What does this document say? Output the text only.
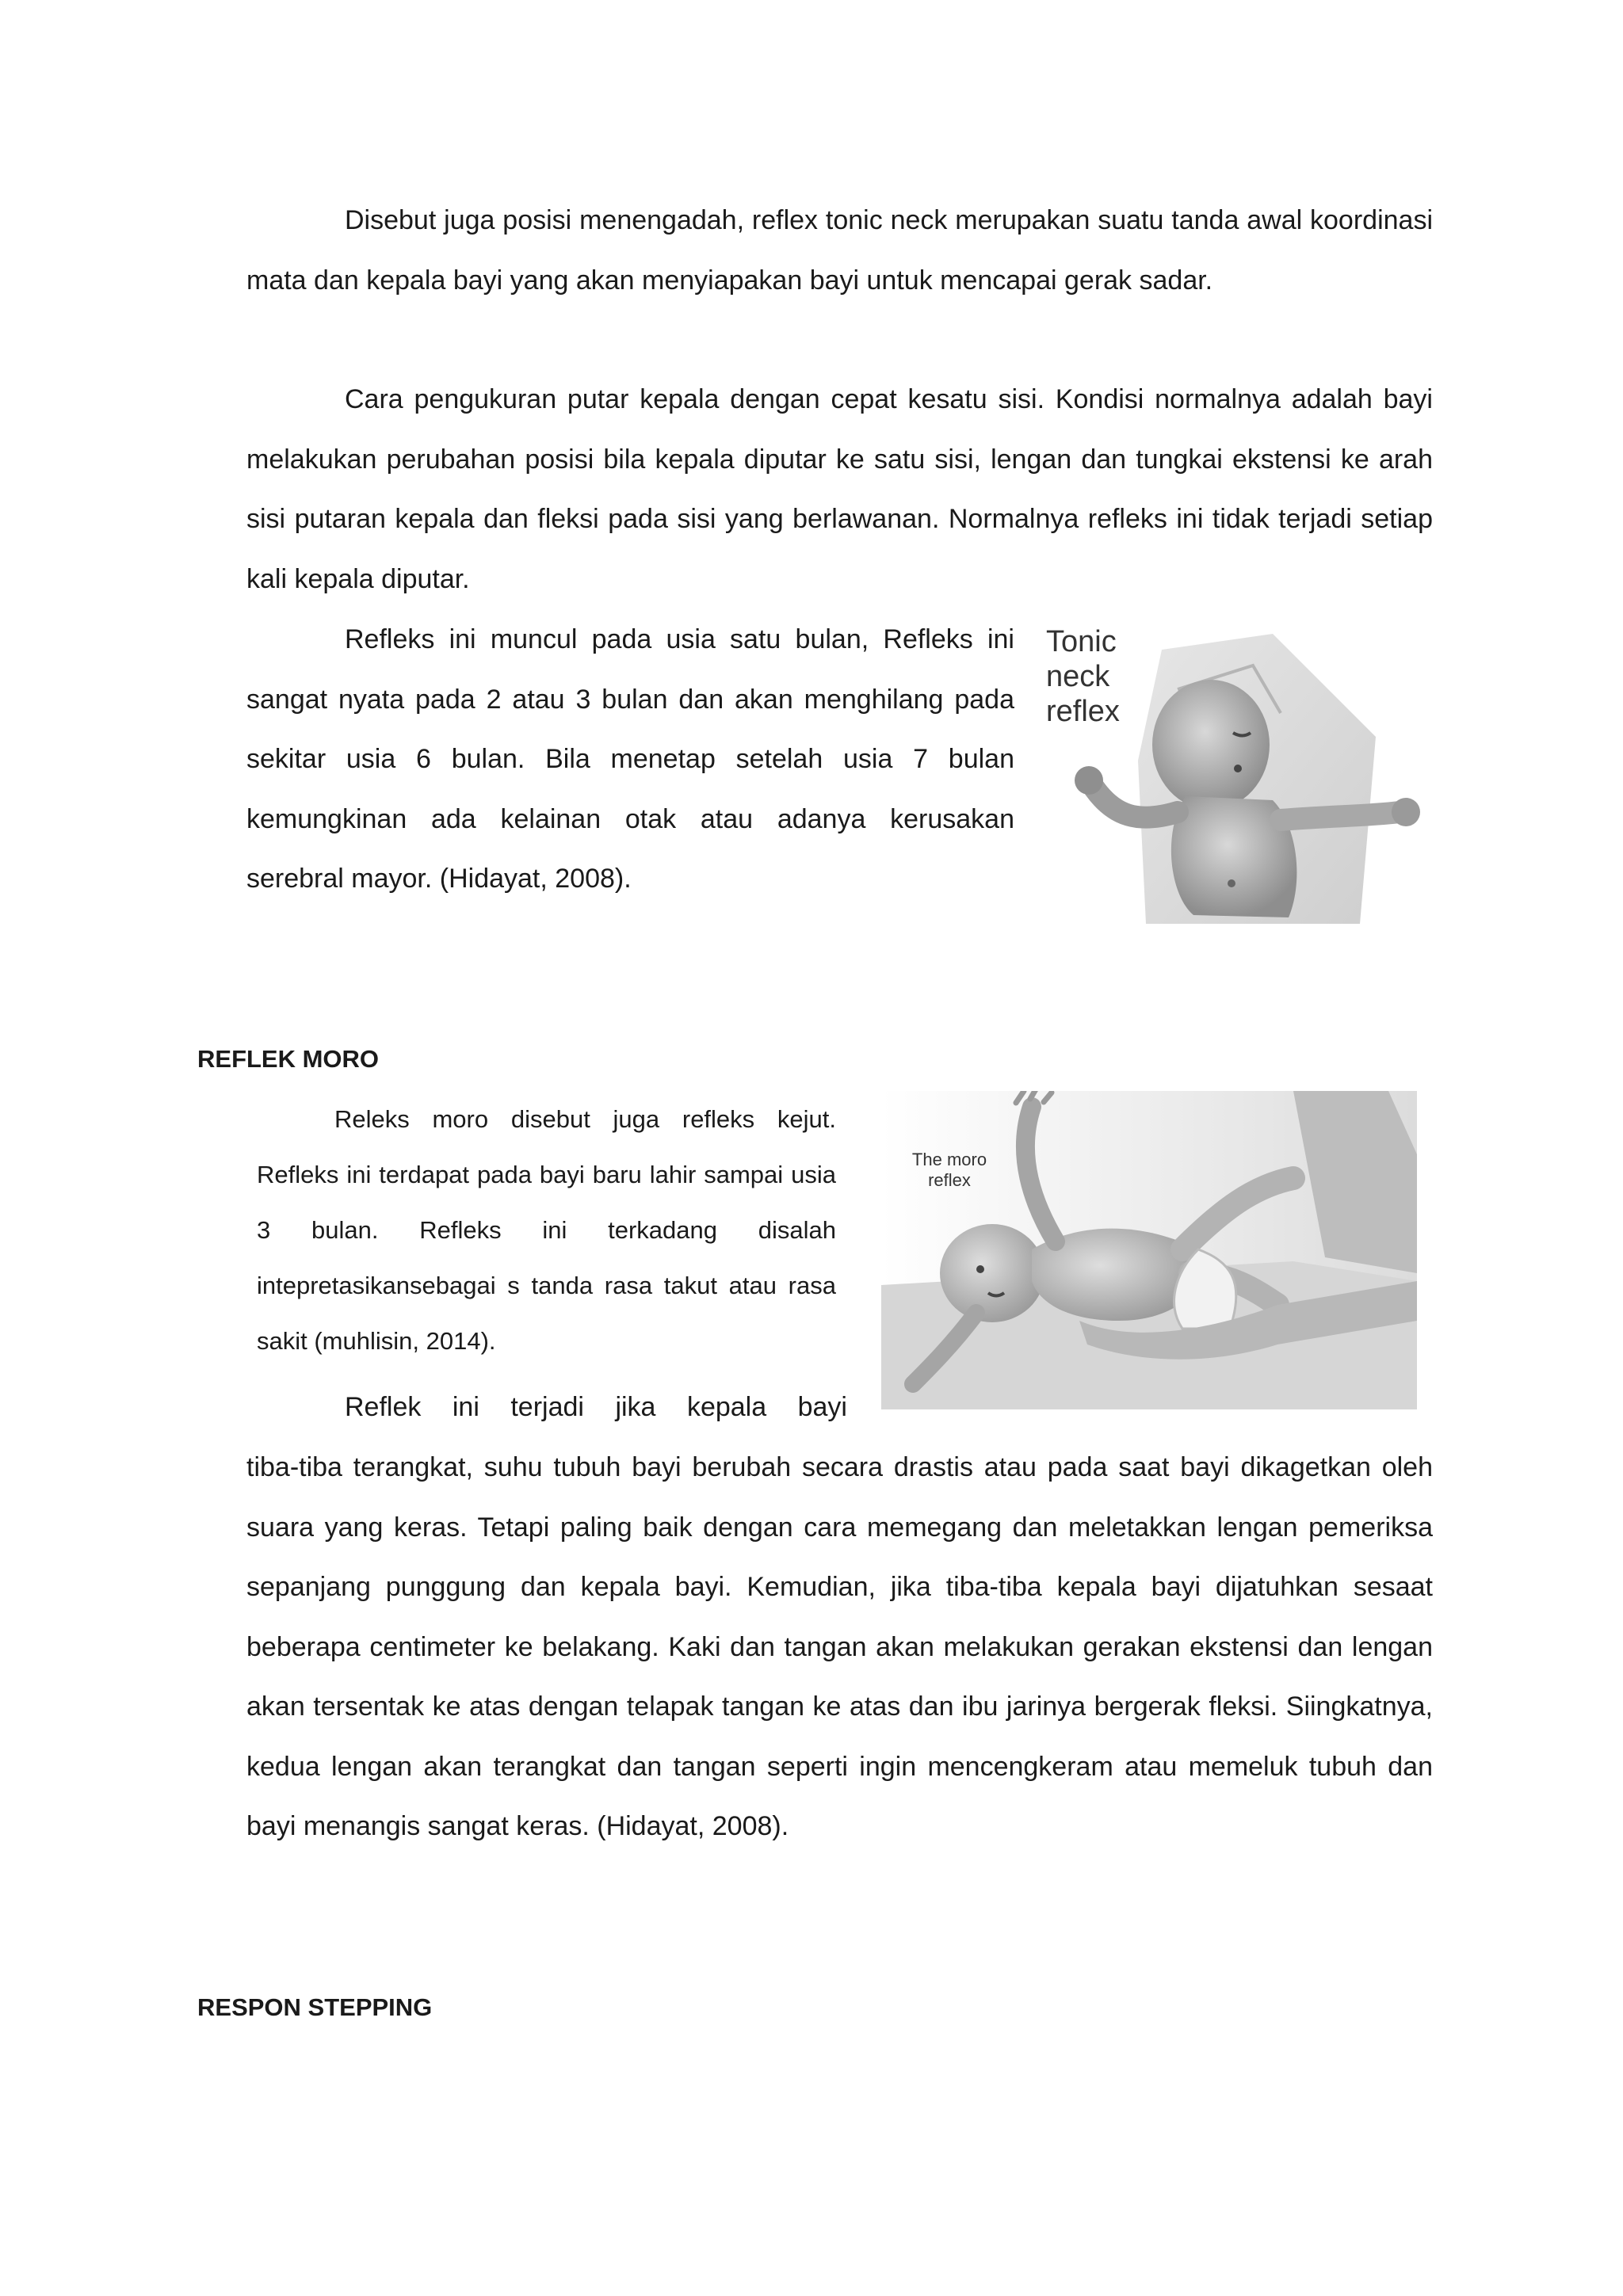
Disebut juga posisi menengadah, reflex tonic neck merupakan suatu tanda awal koordinasi mata dan kepala bayi yang akan menyiapakan bayi untuk mencapai gerak sadar.

Cara pengukuran putar kepala dengan cepat kesatu sisi. Kondisi normalnya adalah bayi melakukan perubahan posisi bila kepala diputar ke satu sisi, lengan dan tungkai ekstensi ke arah sisi putaran kepala dan fleksi pada sisi yang berlawanan. Normalnya refleks ini tidak terjadi setiap kali kepala diputar.

Refleks ini muncul pada usia satu bulan, Refleks ini sangat nyata pada 2 atau 3 bulan dan akan menghilang pada sekitar usia 6 bulan. Bila menetap setelah usia 7 bulan kemungkinan ada kelainan otak atau adanya kerusakan serebral mayor. (Hidayat, 2008).

Tonic
neck
reflex
REFLEK MORO

Releks moro disebut juga refleks kejut. Refleks ini terdapat pada bayi baru lahir sampai usia 3 bulan. Refleks ini terkadang disalah intepretasikansebagai s tanda rasa takut atau rasa sakit (muhlisin, 2014).

The moro
reflex

Reflek ini terjadi jika kepala bayi

tiba-tiba terangkat, suhu tubuh bayi berubah secara drastis atau pada saat bayi dikagetkan oleh suara yang keras. Tetapi paling baik dengan cara memegang dan meletakkan lengan pemeriksa sepanjang punggung dan kepala bayi. Kemudian, jika tiba-tiba kepala bayi dijatuhkan sesaat beberapa centimeter ke belakang. Kaki dan tangan akan melakukan gerakan ekstensi dan lengan akan tersentak ke atas dengan telapak tangan ke atas dan ibu jarinya bergerak fleksi. Siingkatnya, kedua lengan akan terangkat dan tangan seperti ingin mencengkeram atau memeluk tubuh dan bayi menangis sangat keras. (Hidayat, 2008).

RESPON STEPPING
